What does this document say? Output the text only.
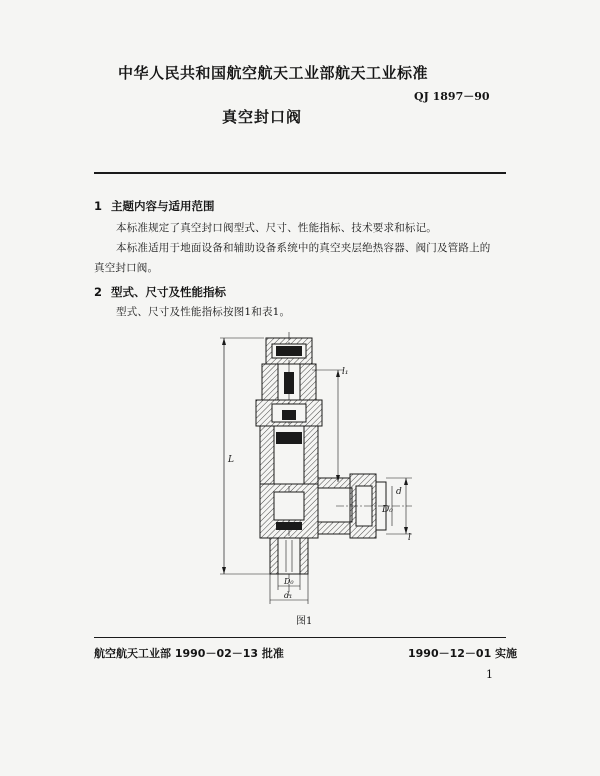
中华人民共和国航空航天工业部航天工业标准
QJ 1897－90
真空封口阀
1 主题内容与适用范围
本标准规定了真空封口阀型式、尺寸、性能指标、技术要求和标记。
本标准适用于地面设备和辅助设备系统中的真空夹层绝热容器、阀门及管路上的真空封口阀。
2 型式、尺寸及性能指标
型式、尺寸及性能指标按图1和表1。
L
l₁
D₀
d
l
D₀
d₁
图1
航空航天工业部 1990－02－13 批准	1990－12－01 实施
1
